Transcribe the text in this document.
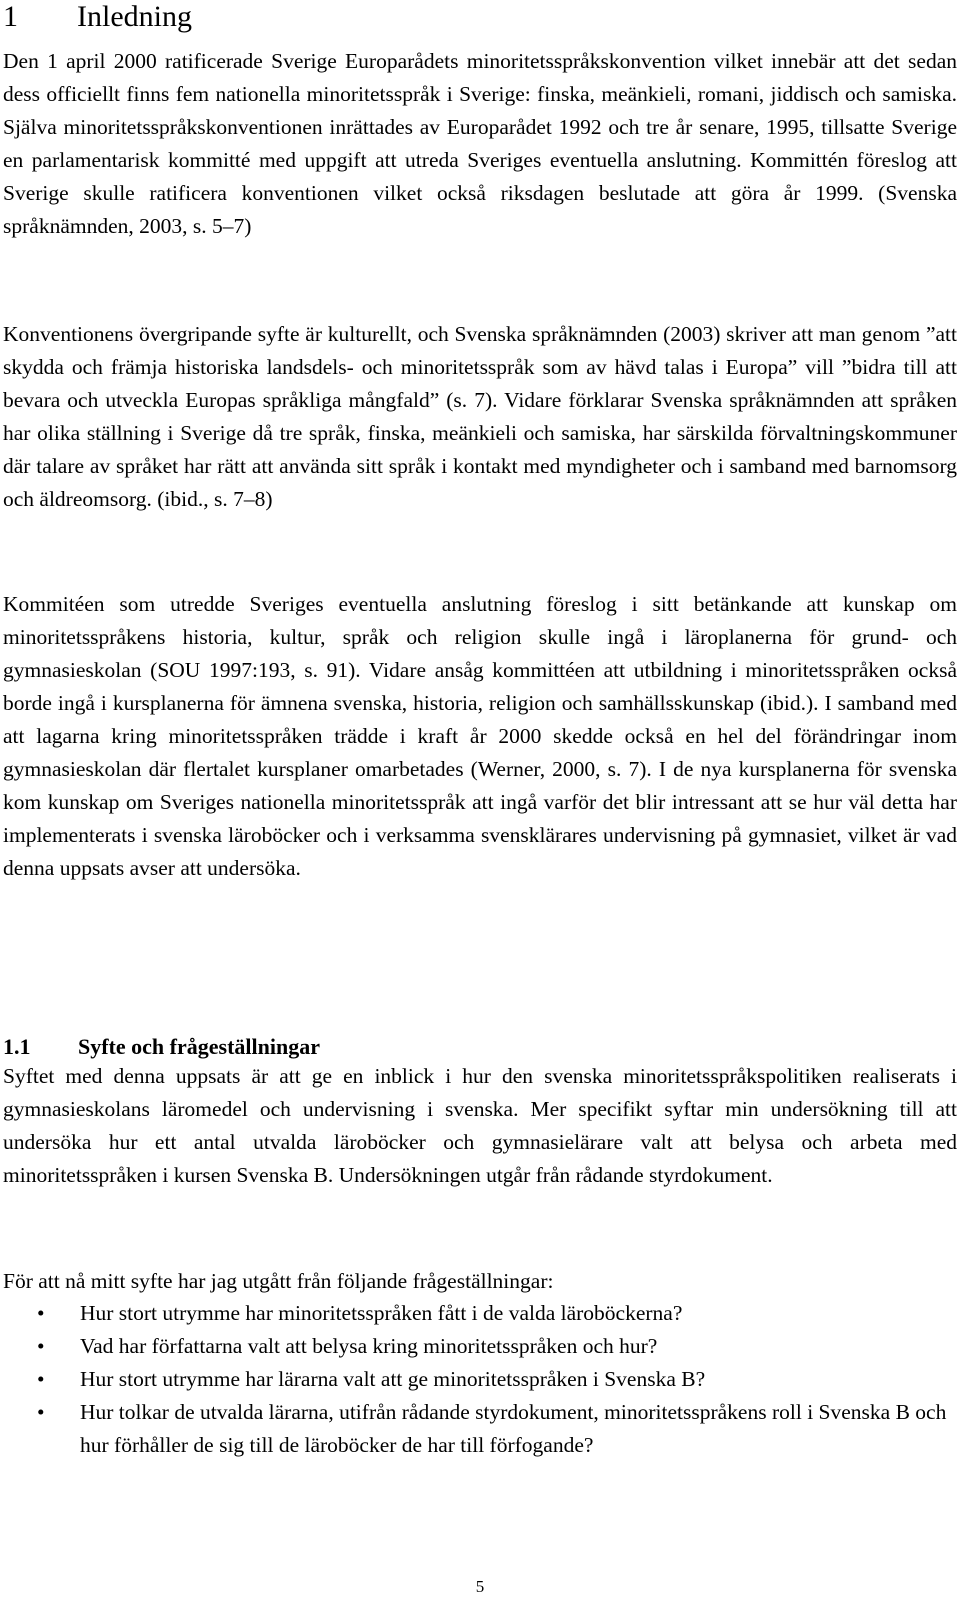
1 Inledning

Den 1 april 2000 ratificerade Sverige Europarådets minoritetsspråkskonvention vilket innebär att det sedan dess officiellt finns fem nationella minoritetsspråk i Sverige: finska, meänkieli, romani, jiddisch och samiska. Själva minoritetsspråkskonventionen inrättades av Europarådet 1992 och tre år senare, 1995, tillsatte Sverige en parlamentarisk kommitté med uppgift att utreda Sveriges eventuella anslutning. Kommittén föreslog att Sverige skulle ratificera konventionen vilket också riksdagen beslutade att göra år 1999. (Svenska språknämnden, 2003, s. 5–7)

Konventionens övergripande syfte är kulturellt, och Svenska språknämnden (2003) skriver att man genom ”att skydda och främja historiska landsdels- och minoritetsspråk som av hävd talas i Europa” vill ”bidra till att bevara och utveckla Europas språkliga mångfald” (s. 7). Vidare förklarar Svenska språknämnden att språken har olika ställning i Sverige då tre språk, finska, meänkieli och samiska, har särskilda förvaltningskommuner där talare av språket har rätt att använda sitt språk i kontakt med myndigheter och i samband med barnomsorg och äldreomsorg. (ibid., s. 7–8)

Kommitéen som utredde Sveriges eventuella anslutning föreslog i sitt betänkande att kunskap om minoritetsspråkens historia, kultur, språk och religion skulle ingå i läroplanerna för grund- och gymnasieskolan (SOU 1997:193, s. 91). Vidare ansåg kommittéen att utbildning i minoritetsspråken också borde ingå i kursplanerna för ämnena svenska, historia, religion och samhällsskunskap (ibid.). I samband med att lagarna kring minoritetsspråken trädde i kraft år 2000 skedde också en hel del förändringar inom gymnasieskolan där flertalet kursplaner omarbetades (Werner, 2000, s. 7). I de nya kursplanerna för svenska kom kunskap om Sveriges nationella minoritetsspråk att ingå varför det blir intressant att se hur väl detta har implementerats i svenska läroböcker och i verksamma svensklärares undervisning på gymnasiet, vilket är vad denna uppsats avser att undersöka.

1.1 Syfte och frågeställningar

Syftet med denna uppsats är att ge en inblick i hur den svenska minoritetsspråkspolitiken realiserats i gymnasieskolans läromedel och undervisning i svenska. Mer specifikt syftar min undersökning till att undersöka hur ett antal utvalda läroböcker och gymnasielärare valt att belysa och arbeta med minoritetsspråken i kursen Svenska B. Undersökningen utgår från rådande styrdokument.

För att nå mitt syfte har jag utgått från följande frågeställningar:

• Hur stort utrymme har minoritetsspråken fått i de valda läroböckerna?
• Vad har författarna valt att belysa kring minoritetsspråken och hur?
• Hur stort utrymme har lärarna valt att ge minoritetsspråken i Svenska B?
• Hur tolkar de utvalda lärarna, utifrån rådande styrdokument, minoritetsspråkens roll i Svenska B och hur förhåller de sig till de läroböcker de har till förfogande?
5
